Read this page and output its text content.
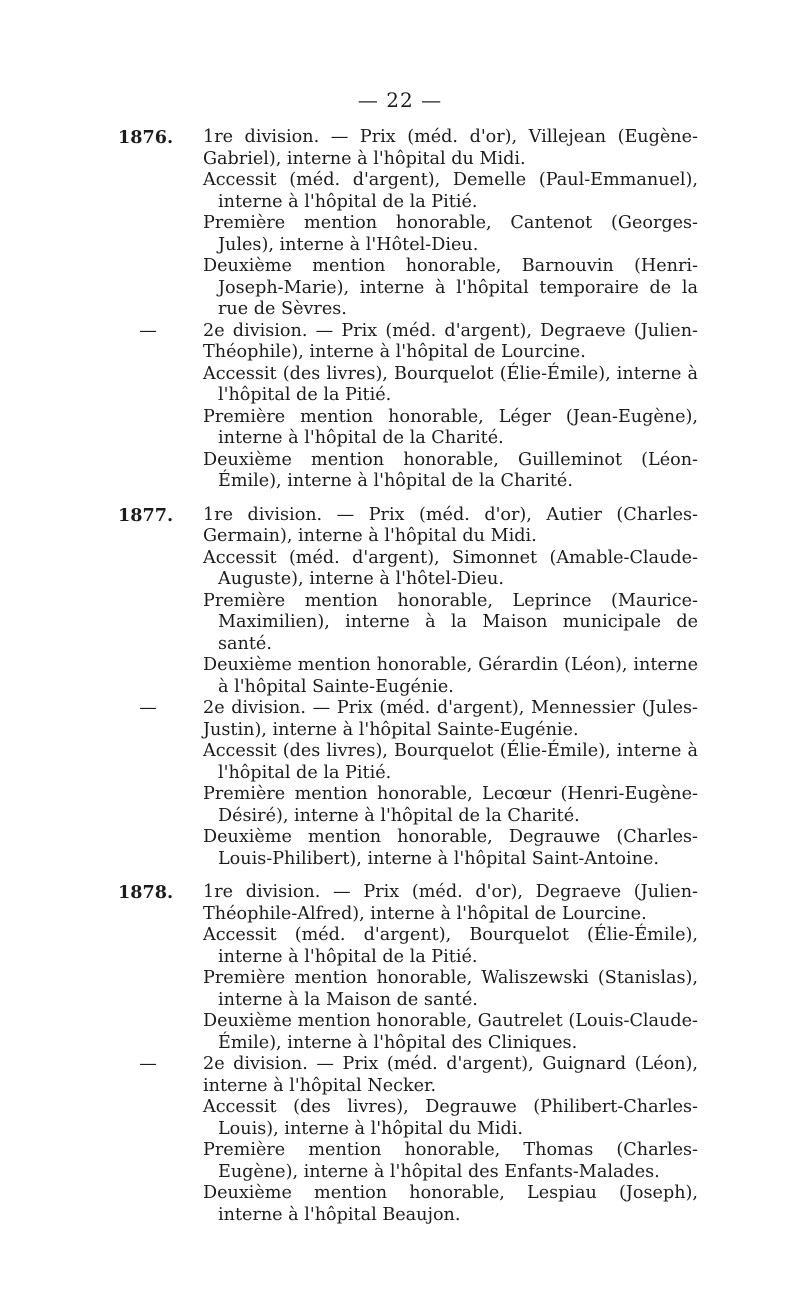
— 22 —

1876.	1re division. — Prix (méd. d'or), Villejean (Eugène-Gabriel), interne à l'hôpital du Midi.

Accessit (méd. d'argent), Demelle (Paul-Emmanuel), interne à l'hôpital de la Pitié.

Première mention honorable, Cantenot (Georges-Jules), interne à l'Hôtel-Dieu.

Deuxième mention honorable, Barnouvin (Henri-Joseph-Marie), interne à l'hôpital temporaire de la rue de Sèvres.

—	2e division. — Prix (méd. d'argent), Degraeve (Julien-Théophile), interne à l'hôpital de Lourcine.

Accessit (des livres), Bourquelot (Élie-Émile), interne à l'hôpital de la Pitié.

Première mention honorable, Léger (Jean-Eugène), interne à l'hôpital de la Charité.

Deuxième mention honorable, Guilleminot (Léon-Émile), interne à l'hôpital de la Charité.

1877.	1re division. — Prix (méd. d'or), Autier (Charles-Germain), interne à l'hôpital du Midi.

Accessit (méd. d'argent), Simonnet (Amable-Claude-Auguste), interne à l'hôtel-Dieu.

Première mention honorable, Leprince (Maurice-Maximilien), interne à la Maison municipale de santé.

Deuxième mention honorable, Gérardin (Léon), interne à l'hôpital Sainte-Eugénie.

—	2e division. — Prix (méd. d'argent), Mennessier (Jules-Justin), interne à l'hôpital Sainte-Eugénie.

Accessit (des livres), Bourquelot (Élie-Émile), interne à l'hôpital de la Pitié.

Première mention honorable, Lecœur (Henri-Eugène-Désiré), interne à l'hôpital de la Charité.

Deuxième mention honorable, Degrauwe (Charles-Louis-Philibert), interne à l'hôpital Saint-Antoine.

1878.	1re division. — Prix (méd. d'or), Degraeve (Julien-Théophile-Alfred), interne à l'hôpital de Lourcine.

Accessit (méd. d'argent), Bourquelot (Élie-Émile), interne à l'hôpital de la Pitié.

Première mention honorable, Waliszewski (Stanislas), interne à la Maison de santé.

Deuxième mention honorable, Gautrelet (Louis-Claude-Émile), interne à l'hôpital des Cliniques.

—	2e division. — Prix (méd. d'argent), Guignard (Léon), interne à l'hôpital Necker.

Accessit (des livres), Degrauwe (Philibert-Charles-Louis), interne à l'hôpital du Midi.

Première mention honorable, Thomas (Charles-Eugène), interne à l'hôpital des Enfants-Malades.

Deuxième mention honorable, Lespiau (Joseph), interne à l'hôpital Beaujon.
